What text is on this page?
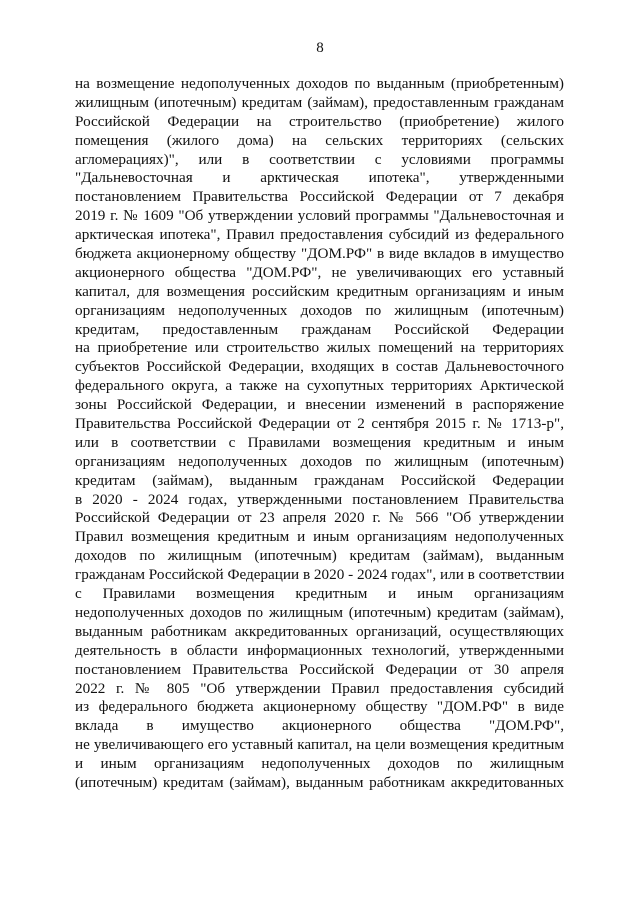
8
на возмещение недополученных доходов по выданным (приобретенным)
жилищным (ипотечным) кредитам (займам), предоставленным гражданам
Российской Федерации на строительство (приобретение) жилого
помещения (жилого дома) на сельских территориях (сельских
агломерациях)", или в соответствии с условиями программы
"Дальневосточная и арктическая ипотека", утвержденными
постановлением Правительства Российской Федерации от 7 декабря
2019 г. № 1609 "Об утверждении условий программы "Дальневосточная и
арктическая ипотека", Правил предоставления субсидий из федерального
бюджета акционерному обществу "ДОМ.РФ" в виде вкладов в имущество
акционерного общества "ДОМ.РФ", не увеличивающих его уставный
капитал, для возмещения российским кредитным организациям и иным
организациям недополученных доходов по жилищным (ипотечным)
кредитам, предоставленным гражданам Российской Федерации
на приобретение или строительство жилых помещений на территориях
субъектов Российской Федерации, входящих в состав Дальневосточного
федерального округа, а также на сухопутных территориях Арктической
зоны Российской Федерации, и внесении изменений в распоряжение
Правительства Российской Федерации от 2 сентября 2015 г. № 1713-р",
или в соответствии с Правилами возмещения кредитным и иным
организациям недополученных доходов по жилищным (ипотечным)
кредитам (займам), выданным гражданам Российской Федерации
в 2020 - 2024 годах, утвержденными постановлением Правительства
Российской Федерации от 23 апреля 2020 г. № 566 "Об утверждении
Правил возмещения кредитным и иным организациям недополученных
доходов по жилищным (ипотечным) кредитам (займам), выданным
гражданам Российской Федерации в 2020 - 2024 годах", или в соответствии
с Правилами возмещения кредитным и иным организациям
недополученных доходов по жилищным (ипотечным) кредитам (займам),
выданным работникам аккредитованных организаций, осуществляющих
деятельность в области информационных технологий, утвержденными
постановлением Правительства Российской Федерации от 30 апреля
2022 г. № 805 "Об утверждении Правил предоставления субсидий
из федерального бюджета акционерному обществу "ДОМ.РФ" в виде
вклада в имущество акционерного общества "ДОМ.РФ",
не увеличивающего его уставный капитал, на цели возмещения кредитным
и иным организациям недополученных доходов по жилищным
(ипотечным) кредитам (займам), выданным работникам аккредитованных
